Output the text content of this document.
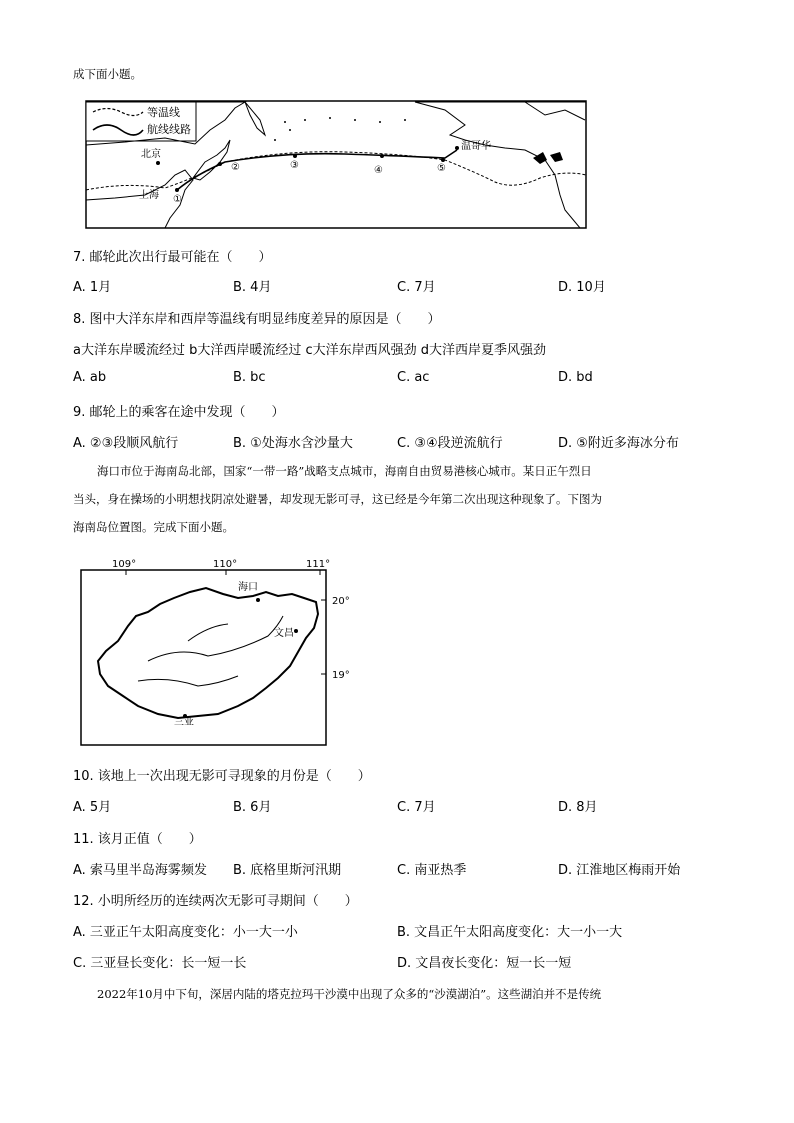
成下面小题。
等温线
航线线路
北京
上海
温哥华
①
②	③	④	⑤
7. 邮轮此次出行最可能在（　　）
A. 1月	B. 4月	C. 7月	D. 10月
8. 图中大洋东岸和西岸等温线有明显纬度差异的原因是（　　）
a大洋东岸暖流经过 b大洋西岸暖流经过 c大洋东岸西风强劲 d大洋西岸夏季风强劲
A. ab	B. bc	C. ac	D. bd
9. 邮轮上的乘客在途中发现（　　）
A. ②③段顺风航行	B. ①处海水含沙量大	C. ③④段逆流航行	D. ⑤附近多海冰分布
海口市位于海南岛北部，国家“一带一路”战略支点城市，海南自由贸易港核心城市。某日正午烈日
当头，身在操场的小明想找阴凉处避暑，却发现无影可寻，这已经是今年第二次出现这种现象了。下图为
海南岛位置图。完成下面小题。
109°	110°	111°
20°
19°
海口
文昌
三亚
10. 该地上一次出现无影可寻现象的月份是（　　）
A. 5月	B. 6月	C. 7月	D. 8月
11. 该月正值（　　）
A. 索马里半岛海雾频发 B. 底格里斯河汛期	C. 南亚热季	D. 江淮地区梅雨开始
12. 小明所经历的连续两次无影可寻期间（　　）
A. 三亚正午太阳高度变化：小一大一小	B. 文昌正午太阳高度变化：大一小一大
C. 三亚昼长变化：长一短一长	D. 文昌夜长变化：短一长一短
2022年10月中下旬，深居内陆的塔克拉玛干沙漠中出现了众多的“沙漠湖泊”。这些湖泊并不是传统
